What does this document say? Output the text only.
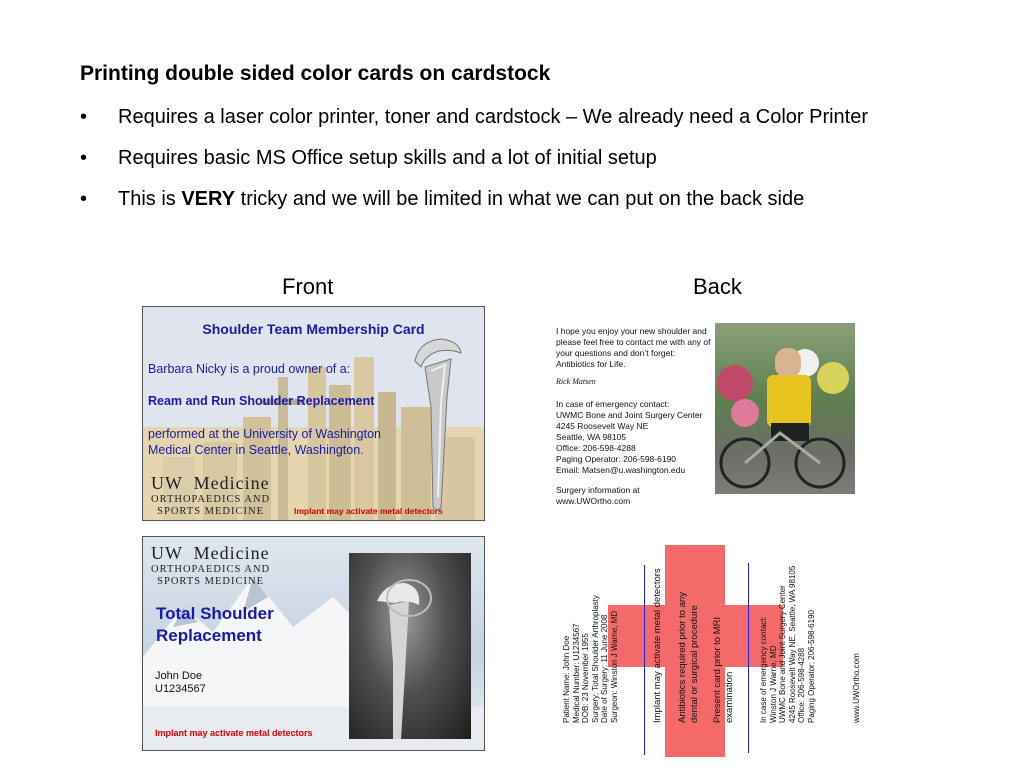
Printing double sided color cards on cardstock
• Requires a laser color printer, toner and cardstock – We already need a Color Printer
• Requires basic MS Office setup skills and a lot of initial setup
• This is VERY tricky and we will be limited in what we can put on the back side
Front	Back
Shoulder Team Membership Card
Barbara Nicky is a proud owner of a:
Ream and Run Shoulder Replacement
performed at the University of Washington
Medical Center in Seattle, Washington.
UW Medicine
ORTHOPAEDICS AND
SPORTS MEDICINE	Implant may activate metal detectors
UW Medicine
ORTHOPAEDICS AND
SPORTS MEDICINE
Total Shoulder
Replacement
John Doe
U1234567
Implant may activate metal detectors

I hope you enjoy your new shoulder and

please feel free to contact me with any of

your questions and don’t forget:

Antibiotics for Life.

Rick Matsen

In case of emergency contact:

UWMC Bone and Joint Surgery Center

4245 Roosevelt Way NE

Seattle, WA 98105

Office: 206-598-4288

Paging Operator: 206-598-6190

Email: Matsen@u.washington.edu

Surgery information at www.UWOrtho.com

Patient Name: John Doe
Medical Number: U1234567
DOB: 23 November 1955
Surgery: Total Shoulder Arthroplasty
Date of Surgery: 11 June 2008
Surgeon: Winston J Warne, MD	Implant may activate metal detectors Antibiotics required prior to any
dental or surgical procedure
Present card prior to MRI
examination	In case of emergency contact:
Winston J Warne, MD
UWMC Bone and Joint Surgery Center
4245 Roosevelt Way NE, Seattle, WA 98105
Office: 206-598-4288
Paging Operator: 206-598-6190
www.UWOrtho.com
